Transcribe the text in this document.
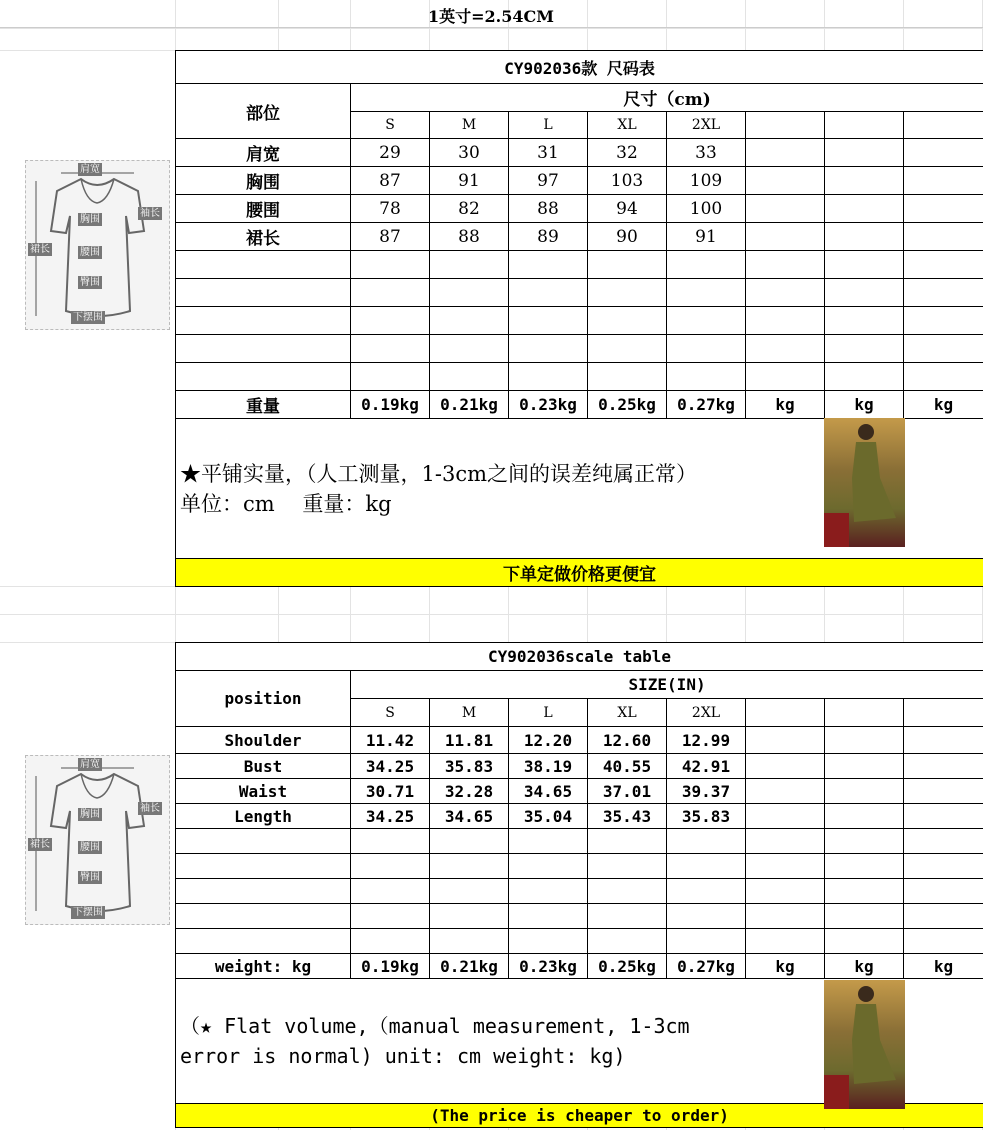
1英寸=2.54CM
肩宽
袖长
胸围
裙长	腰围
臀围
下摆围
CY902036款 尺码表								
部位	尺寸（cm)							
	S	M	L	XL	2XL			
肩宽	29	30	31	32	33			
胸围	87	91	97	103	109			
腰围	78	82	88	94	100			
裙长	87	88	89	90	91			

重量	0.19kg	0.21kg	0.23kg	0.25kg	0.27kg	kg	kg	kg

★平铺实量，（人工测量，1-3cm之间的误差纯属正常）
单位：cm　 重量：kg								

下单定做价格更便宜								
肩宽
袖长
胸围
裙长	腰围
臀围
下摆围
CY902036scale table								
position	SIZE(IN)							
	S	M	L	XL	2XL			
Shoulder	11.42	11.81	12.20	12.60	12.99			
Bust	34.25	35.83	38.19	40.55	42.91			
Waist	30.71	32.28	34.65	37.01	39.37			
Length	34.25	34.65	35.04	35.43	35.83			

weight: kg	0.19kg	0.21kg	0.23kg	0.25kg	0.27kg	kg	kg	kg

（★ Flat volume,（manual measurement, 1-3cm
error is normal) unit: cm weight: kg)								

(The price is cheaper to order)								
